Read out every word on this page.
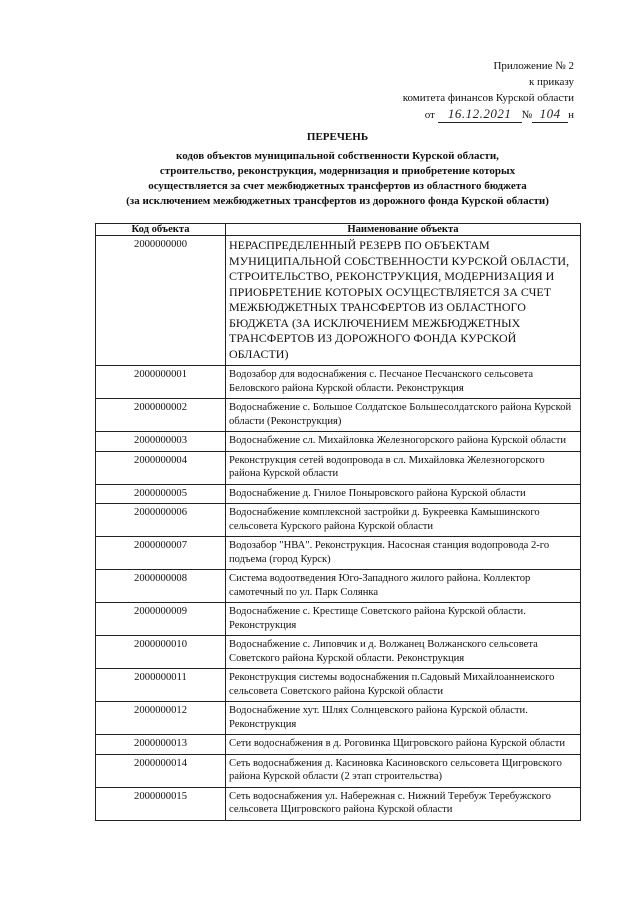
Приложение № 2
к приказу
комитета финансов Курской области
от
	16.12.2021 № 104 н
ПЕРЕЧЕНЬ
кодов объектов муниципальной собственности Курской области,
строительство, реконструкция, модернизация и приобретение которых
осуществляется за счет межбюджетных трансфертов из областного бюджета
(за исключением межбюджетных трансфертов из дорожного фонда Курской области)
Код объекта	Наименование объекта
2000000000	НЕРАСПРЕДЕЛЕННЫЙ РЕЗЕРВ ПО ОБЪЕКТАМ МУНИЦИПАЛЬНОЙ СОБСТВЕННОСТИ КУРСКОЙ ОБЛАСТИ, СТРОИТЕЛЬСТВО, РЕКОНСТРУКЦИЯ, МОДЕРНИЗАЦИЯ И ПРИОБРЕТЕНИЕ КОТОРЫХ ОСУЩЕСТВЛЯЕТСЯ ЗА СЧЕТ МЕЖБЮДЖЕТНЫХ ТРАНСФЕРТОВ ИЗ ОБЛАСТНОГО БЮДЖЕТА (ЗА ИСКЛЮЧЕНИЕМ МЕЖБЮДЖЕТНЫХ ТРАНСФЕРТОВ ИЗ ДОРОЖНОГО ФОНДА КУРСКОЙ ОБЛАСТИ)
2000000001	Водозабор для водоснабжения с. Песчаное Песчанского сельсовета Беловского района Курской области. Реконструкция
2000000002	Водоснабжение с. Большое Солдатское Большесолдатского района Курской области (Реконструкция)
2000000003	Водоснабжение сл. Михайловка Железногорского района Курской области
2000000004	Реконструкция сетей водопровода в сл. Михайловка Железногорского района Курской области
2000000005	Водоснабжение д. Гнилое Поныровского района Курской области
2000000006	Водоснабжение комплексной застройки д. Букреевка Камышинского сельсовета Курского района Курской области
2000000007	Водозабор "НВА". Реконструкция. Насосная станция водопровода 2-го подъема (город Курск)
2000000008	Система водоотведения Юго-Западного жилого района. Коллектор самотечный по ул. Парк Солянка
2000000009	Водоснабжение с. Крестище Советского района Курской области. Реконструкция
2000000010	Водоснабжение с. Липовчик и д. Волжанец Волжанского сельсовета Советского района Курской области. Реконструкция
2000000011	Реконструкция системы водоснабжения п.Садовый Михайлоаннеиского сельсовета Советского района Курской области
2000000012	Водоснабжение хут. Шлях Солнцевского района Курской области. Реконструкция
2000000013	Сети водоснабжения в д. Роговинка Щигровского района Курской области
2000000014	Сеть водоснабжения д. Касиновка Касиновского сельсовета Щигровского района Курской области (2 этап строительства)
2000000015	Сеть водоснабжения ул. Набережная с. Нижний Теребуж Теребужского сельсовета Щигровского района Курской области
